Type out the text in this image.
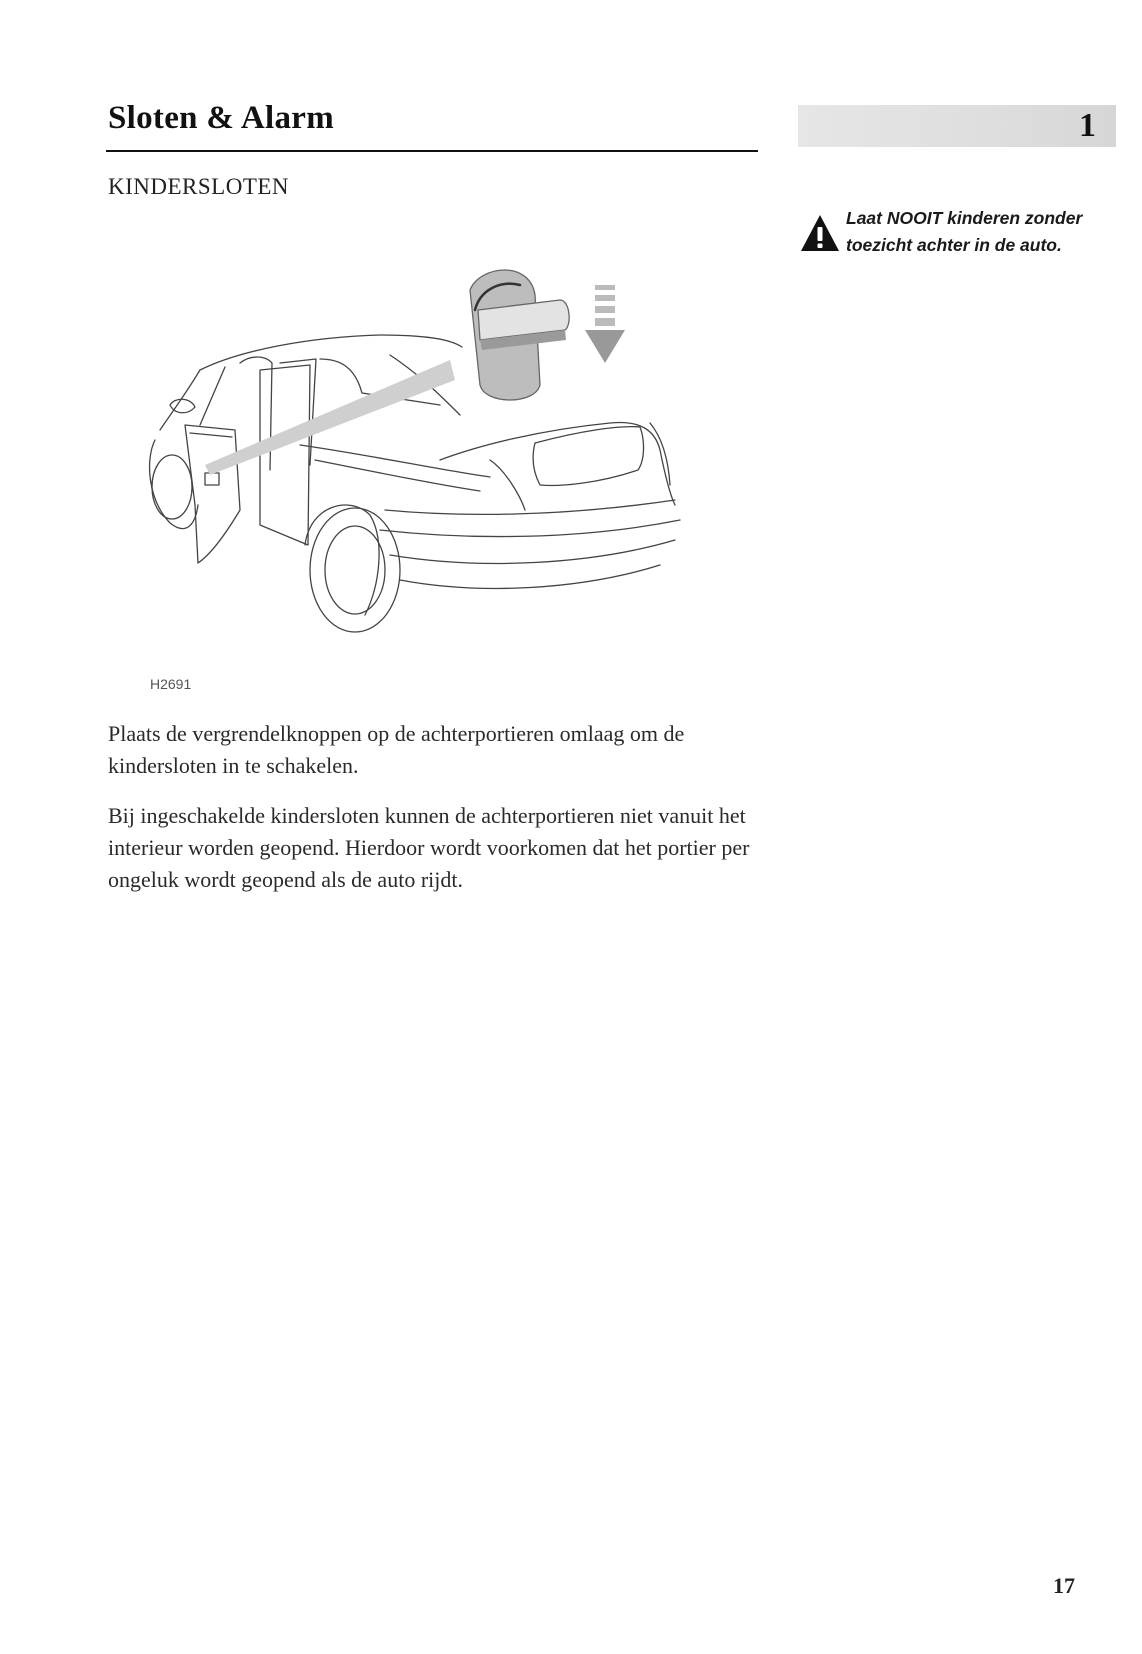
Sloten & Alarm	1
KINDERSLOTEN
H2691

Plaats de vergrendelknoppen op de achterportieren omlaag om de kindersloten in te schakelen.

Bij ingeschakelde kindersloten kunnen de achterportieren niet vanuit het interieur worden geopend. Hierdoor wordt voorkomen dat het portier per ongeluk wordt geopend als de auto rijdt.

Laat NOOIT kinderen zonder toezicht achter in de auto.
17
